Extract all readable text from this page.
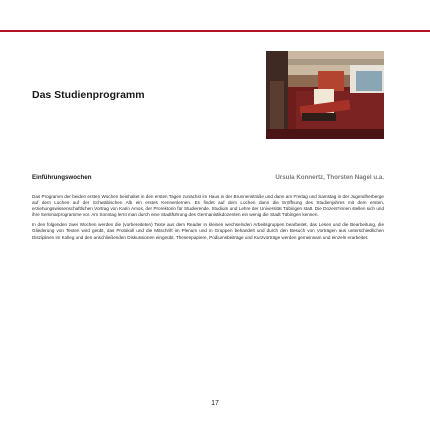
Das Studienprogramm
Einführungswochen	Ursula Konnertz, Thorsten Nagel u.a.

Das Programm der beiden ersten Wochen beinhaltet in den ersten Tagen zunächst im Haus in der Brunnenstraße und dann am Freitag und Samstag in der Jugendherberge auf dem Lochen auf der Schwäbischen Alb ein erstes Kennenlernen. Es findet auf dem Lochen dann die Eröffnung des Studienjahres mit dem ersten, erziehungswissenschaftlichen Vortrag von Karin Amos, der Prorektorin für Studierende, Studium und Lehre der Universität Tübingen statt. Die Dozent*innen stellen sich und ihre Seminarprogramme vor. Am Sonntag lernt man durch eine Stadtführung des Germanistikdozenten ein wenig die Stadt Tübingen kennen.

In den folgenden zwei Wochen werden die (vorbereiteten) Texte aus dem Reader in kleinen wechselnden Arbeitsgruppen bearbeitet, das Lesen und die Bearbeitung, die Gliederung von Texten wird geübt, das Protokoll und die Mitschrift im Plenum und in Gruppen behandelt und durch den Besuch von Vorträgen aus unterschiedlichen Disziplinen im Kolleg und den anschließenden Diskussionen eingeübt. Thesenpapiere, Podiumsbeiträge und Kurzvorträge werden gemeinsam und einzeln erarbeitet.

17
